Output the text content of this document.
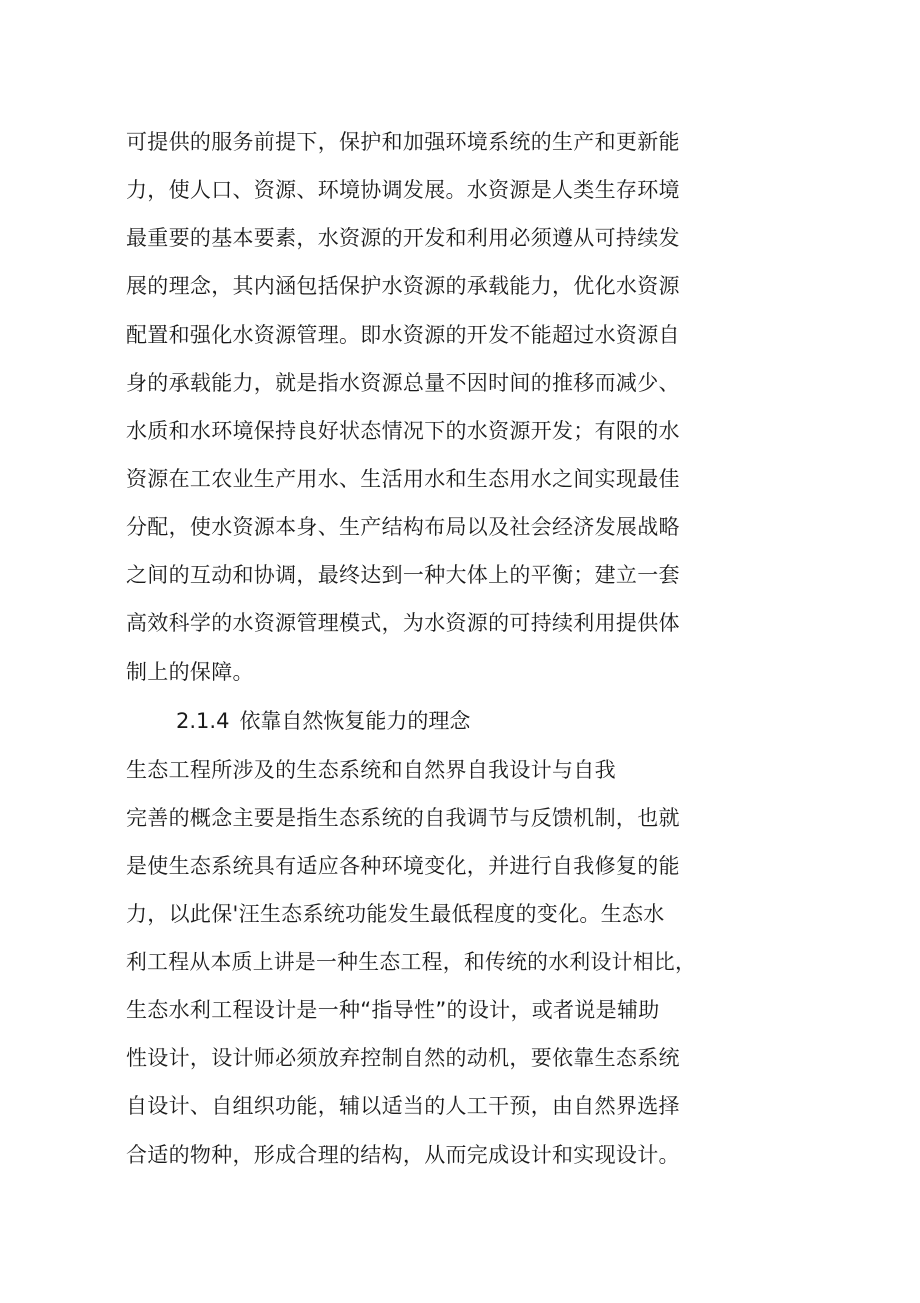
可提供的服务前提下，保护和加强环境系统的生产和更新能

力，使人口、资源、环境协调发展。水资源是人类生存环境

最重要的基本要素，水资源的开发和利用必须遵从可持续发

展的理念，其内涵包括保护水资源的承载能力，优化水资源

配置和强化水资源管理。即水资源的开发不能超过水资源自

身的承载能力，就是指水资源总量不因时间的推移而减少、

水质和水环境保持良好状态情况下的水资源开发；有限的水

资源在工农业生产用水、生活用水和生态用水之间实现最佳

分配，使水资源本身、生产结构布局以及社会经济发展战略

之间的互动和协调，最终达到一种大体上的平衡；建立一套

高效科学的水资源管理模式，为水资源的可持续利用提供体

制上的保障。

2.1.4 依靠自然恢复能力的理念

生态工程所涉及的生态系统和自然界自我设计与自我

完善的概念主要是指生态系统的自我调节与反馈机制，也就

是使生态系统具有适应各种环境变化，并进行自我修复的能

力，以此保'汪生态系统功能发生最低程度的变化。生态水

利工程从本质上讲是一种生态工程，和传统的水利设计相比，

生态水利工程设计是一种“指导性”的设计，或者说是辅助

性设计，设计师必须放弃控制自然的动机，要依靠生态系统

自设计、自组织功能，辅以适当的人工干预，由自然界选择

合适的物种，形成合理的结构，从而完成设计和实现设计。
